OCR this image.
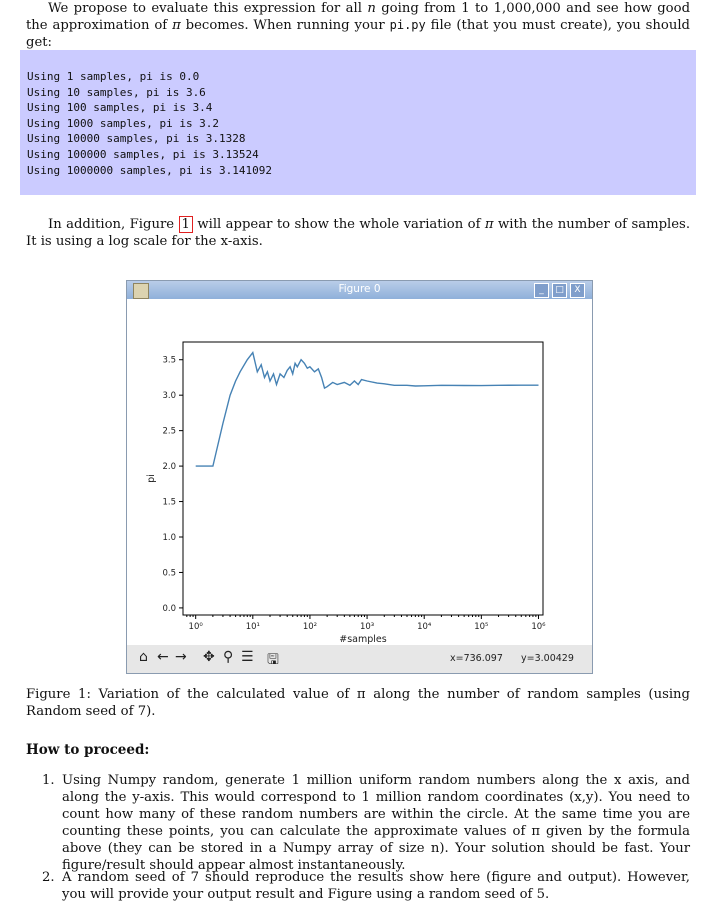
We propose to evaluate this expression for all n going from 1 to 1,000,000 and see how good the approximation of π becomes. When running your pi.py file (that you must create), you should get:
Using 1 samples, pi is 0.0
Using 10 samples, pi is 3.6
Using 100 samples, pi is 3.4
Using 1000 samples, pi is 3.2
Using 10000 samples, pi is 3.1328
Using 100000 samples, pi is 3.13524
Using 1000000 samples, pi is 3.141092
In addition, Figure 1 will appear to show the whole variation of π with the number of samples. It is using a log scale for the x-axis.
Figure 0	_	□	X
0.0
0.5
1.0
1.5
2.0
2.5
3.0
3.5
10⁰	10¹	10²	10³	10⁴	10⁵	10⁶
#samples
pi
⌂ ← → ✥ ⚲ ☰ 🖫	x=736.097 y=3.00429
Figure 1: Variation of the calculated value of π along the number of random samples (using Random seed of 7).
How to proceed:
1. Using Numpy random, generate 1 million uniform random numbers along the x axis, and along the y-axis. This would correspond to 1 million random coordinates (x,y). You need to count how many of these random numbers are within the circle. At the same time you are counting these points, you can calculate the approximate values of π given by the formula above (they can be stored in a Numpy array of size n). Your solution should be fast. Your figure/result should appear almost instantaneously.
2. A random seed of 7 should reproduce the results show here (figure and output). However, you will provide your output result and Figure using a random seed of 5.
